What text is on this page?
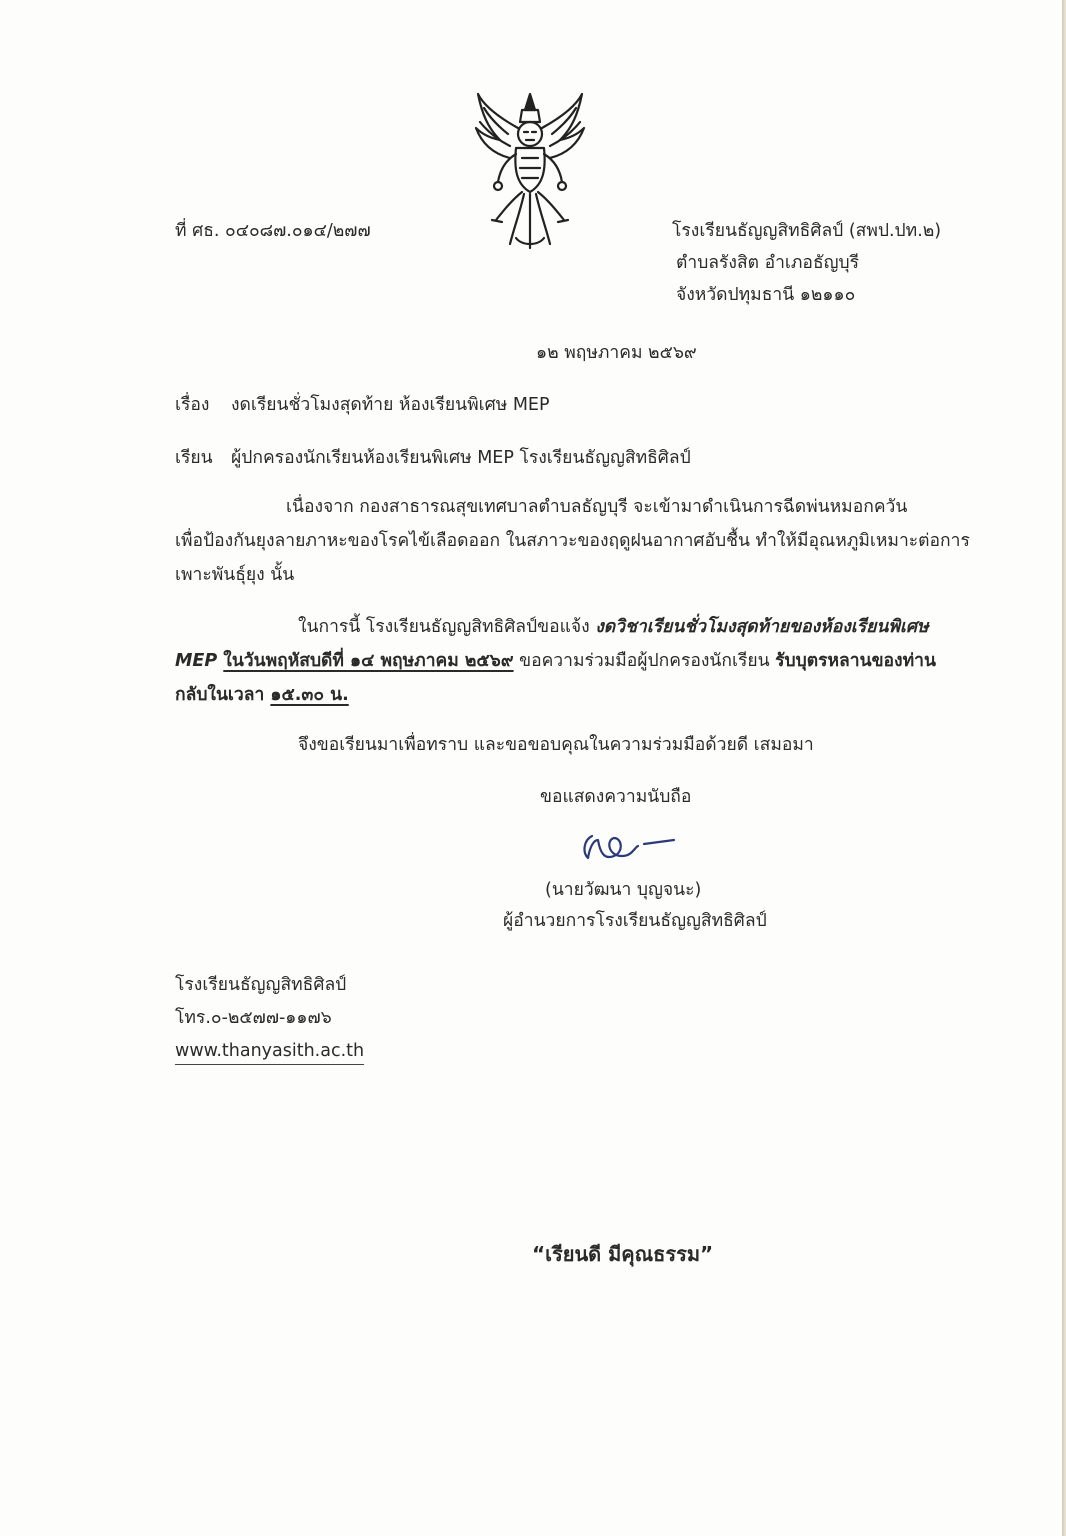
ที่ ศธ. ๐๔๐๘๗.๐๑๔/๒๗๗	โรงเรียนธัญญสิทธิศิลป์ (สพป.ปท.๒)
ตำบลรังสิต อำเภอธัญบุรี
จังหวัดปทุมธานี ๑๒๑๑๐
๑๒ พฤษภาคม ๒๕๖๙
เรื่อง งดเรียนชั่วโมงสุดท้าย ห้องเรียนพิเศษ MEP
เรียน ผู้ปกครองนักเรียนห้องเรียนพิเศษ MEP โรงเรียนธัญญสิทธิศิลป์
เนื่องจาก กองสาธารณสุขเทศบาลตำบลธัญบุรี จะเข้ามาดำเนินการฉีดพ่นหมอกควัน
เพื่อป้องกันยุงลายภาหะของโรคไข้เลือดออก ในสภาวะของฤดูฝนอากาศอับชื้น ทำให้มีอุณหภูมิเหมาะต่อการ
เพาะพันธุ์ยุง นั้น
ในการนี้ โรงเรียนธัญญสิทธิศิลป์ขอแจ้ง งดวิชาเรียนชั่วโมงสุดท้ายของห้องเรียนพิเศษ
MEP ในวันพฤหัสบดีที่ ๑๔ พฤษภาคม ๒๕๖๙ ขอความร่วมมือผู้ปกครองนักเรียน รับบุตรหลานของท่าน
กลับในเวลา ๑๕.๓๐ น.
จึงขอเรียนมาเพื่อทราบ และขอขอบคุณในความร่วมมือด้วยดี เสมอมา
ขอแสดงความนับถือ
(นายวัฒนา บุญจนะ)
ผู้อำนวยการโรงเรียนธัญญสิทธิศิลป์
โรงเรียนธัญญสิทธิศิลป์
โทร.๐-๒๕๗๗-๑๑๗๖
www.thanyasith.ac.th
“เรียนดี มีคุณธรรม”
